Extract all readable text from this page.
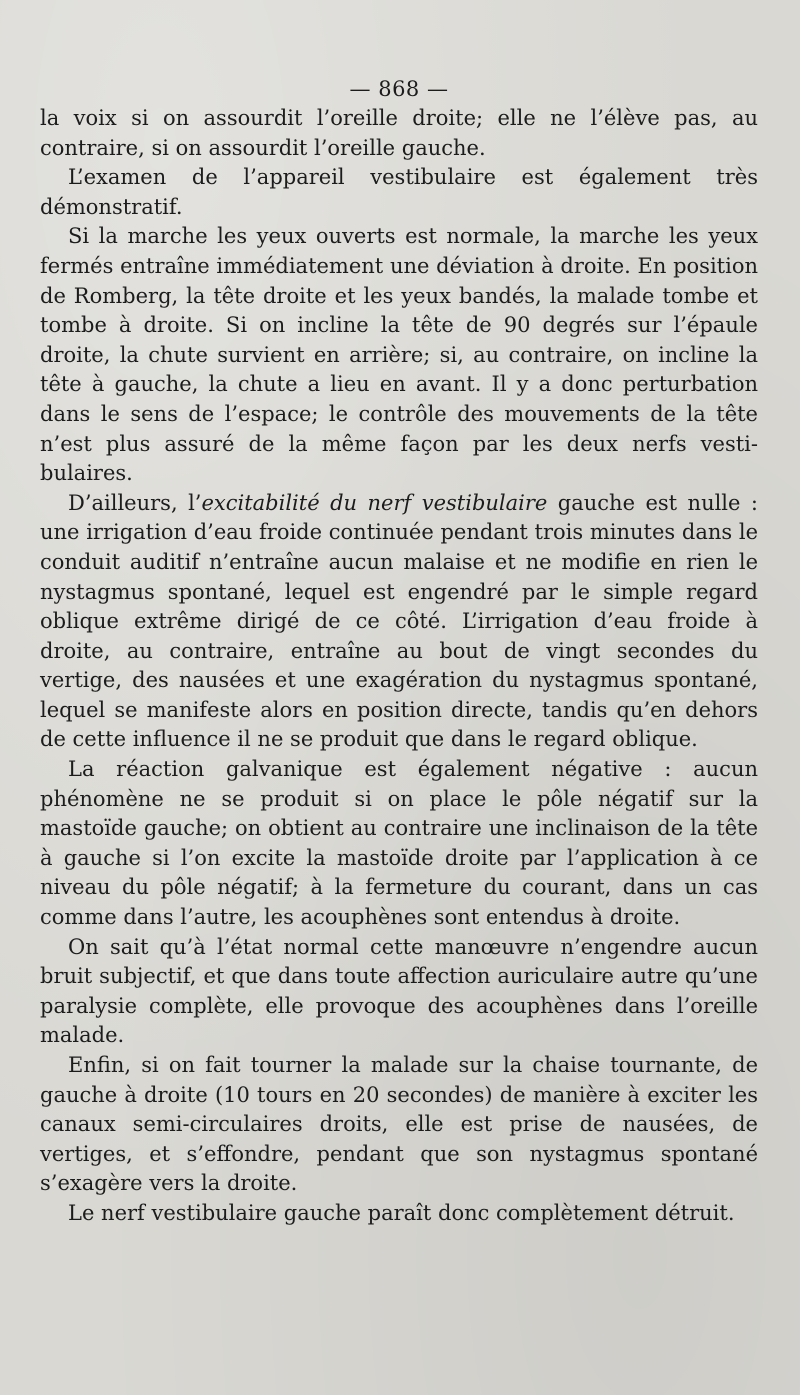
— 868 —

la voix si on assourdit l’oreille droite; elle ne l’élève pas, au contraire, si on assourdit l’oreille gauche.

L’examen de l’appareil vestibulaire est également très démonstratif.

Si la marche les yeux ouverts est normale, la marche les yeux fermés entraîne immédiatement une déviation à droite. En position de Romberg, la tête droite et les yeux bandés, la malade tombe et tombe à droite. Si on incline la tête de 90 degrés sur l’épaule droite, la chute survient en arrière; si, au contraire, on incline la tête à gauche, la chute a lieu en avant. Il y a donc perturbation dans le sens de l’espace; le contrôle des mouvements de la tête n’est plus assuré de la même façon par les deux nerfs vestibulaires.

D’ailleurs, l’excitabilité du nerf vestibulaire gauche est nulle : une irrigation d’eau froide continuée pendant trois minutes dans le conduit auditif n’entraîne aucun malaise et ne modifie en rien le nystagmus spontané, lequel est engendré par le simple regard oblique extrême dirigé de ce côté. L’irrigation d’eau froide à droite, au contraire, entraîne au bout de vingt secondes du vertige, des nausées et une exagération du nystagmus spontané, lequel se manifeste alors en position directe, tandis qu’en dehors de cette influence il ne se produit que dans le regard oblique.

La réaction galvanique est également négative : aucun phénomène ne se produit si on place le pôle négatif sur la mastoïde gauche; on obtient au contraire une inclinaison de la tête à gauche si l’on excite la mastoïde droite par l’application à ce niveau du pôle négatif; à la fermeture du courant, dans un cas comme dans l’autre, les acouphènes sont entendus à droite.

On sait qu’à l’état normal cette manœuvre n’engendre aucun bruit subjectif, et que dans toute affection auriculaire autre qu’une paralysie complète, elle provoque des acouphènes dans l’oreille malade.

Enfin, si on fait tourner la malade sur la chaise tournante, de gauche à droite (10 tours en 20 secondes) de manière à exciter les canaux semi-circulaires droits, elle est prise de nausées, de vertiges, et s’effondre, pendant que son nystagmus spontané s’exagère vers la droite.

Le nerf vestibulaire gauche paraît donc complètement détruit.
